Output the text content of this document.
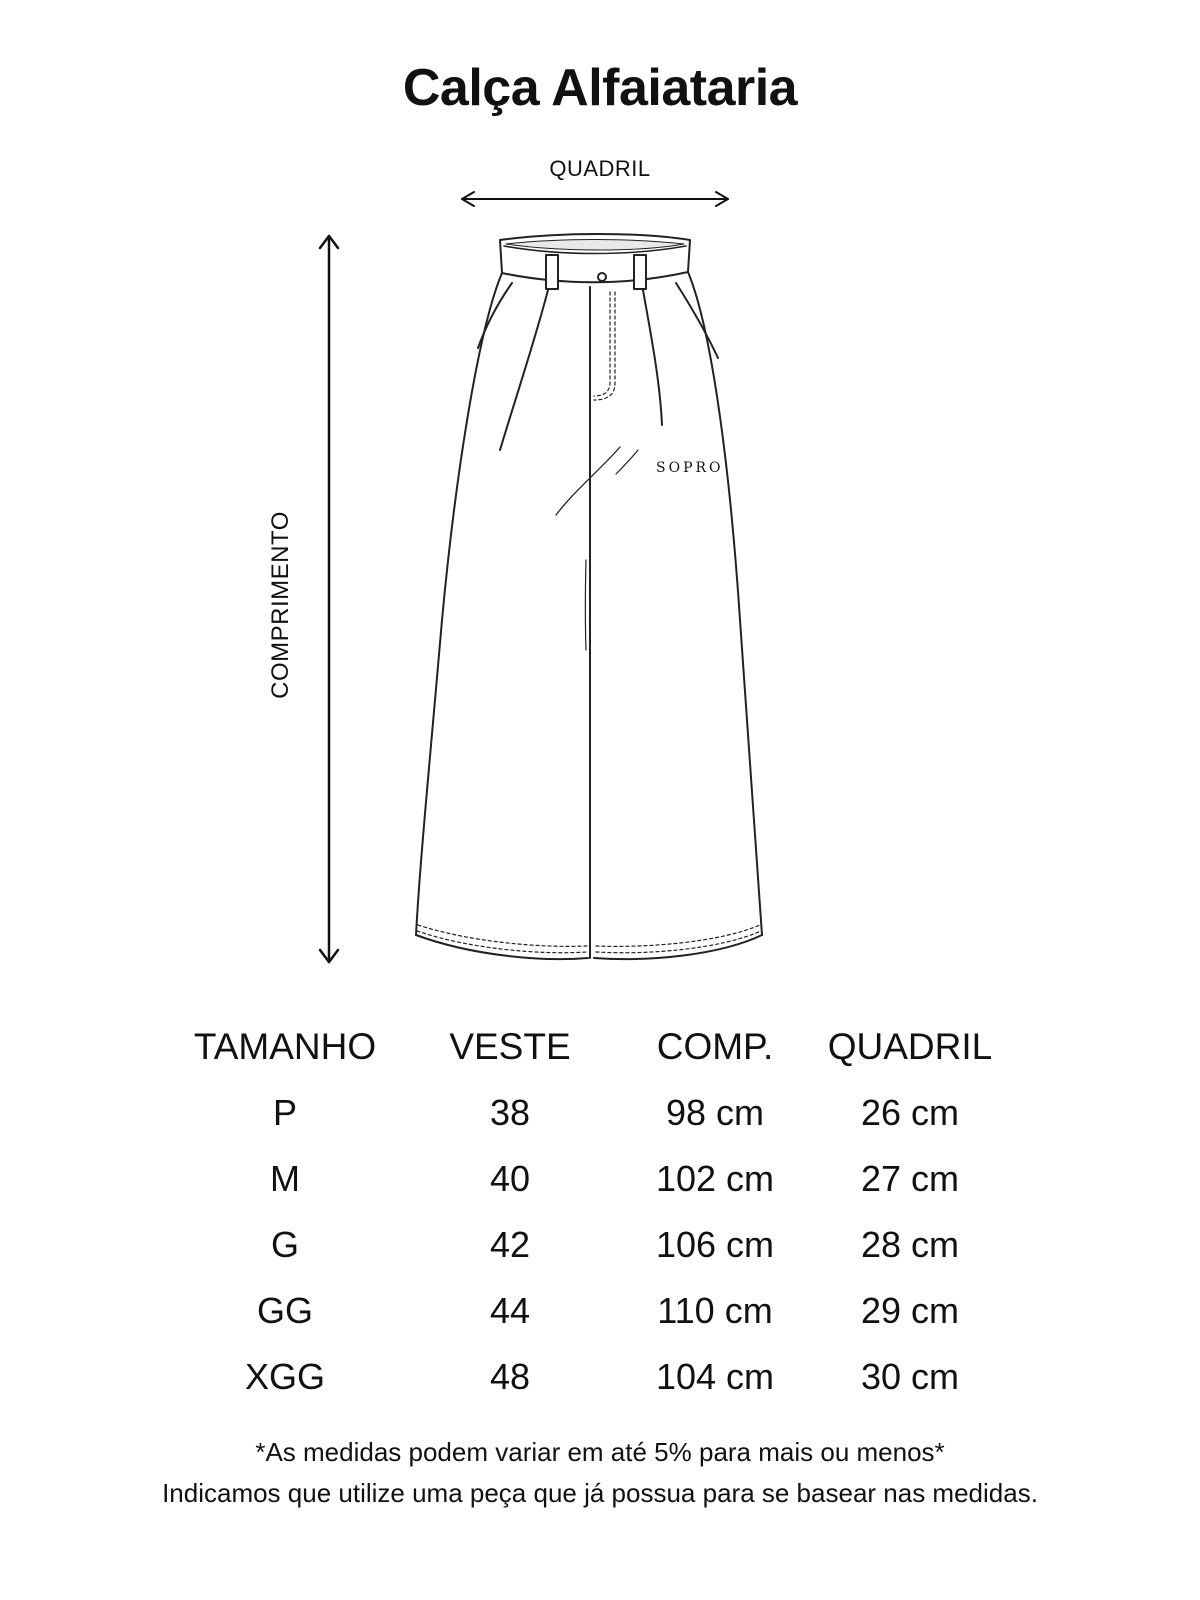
Calça Alfaiataria
QUADRIL
COMPRIMENTO
SOPRO
TAMANHO	VESTE	COMP.	QUADRIL
P	38	98 cm	26 cm
M	40	102 cm	27 cm
G	42	106 cm	28 cm
GG	44	110 cm	29 cm
XGG	48	104 cm	30 cm
*As medidas podem variar em até 5% para mais ou menos*
Indicamos que utilize uma peça que já possua para se basear nas medidas.
